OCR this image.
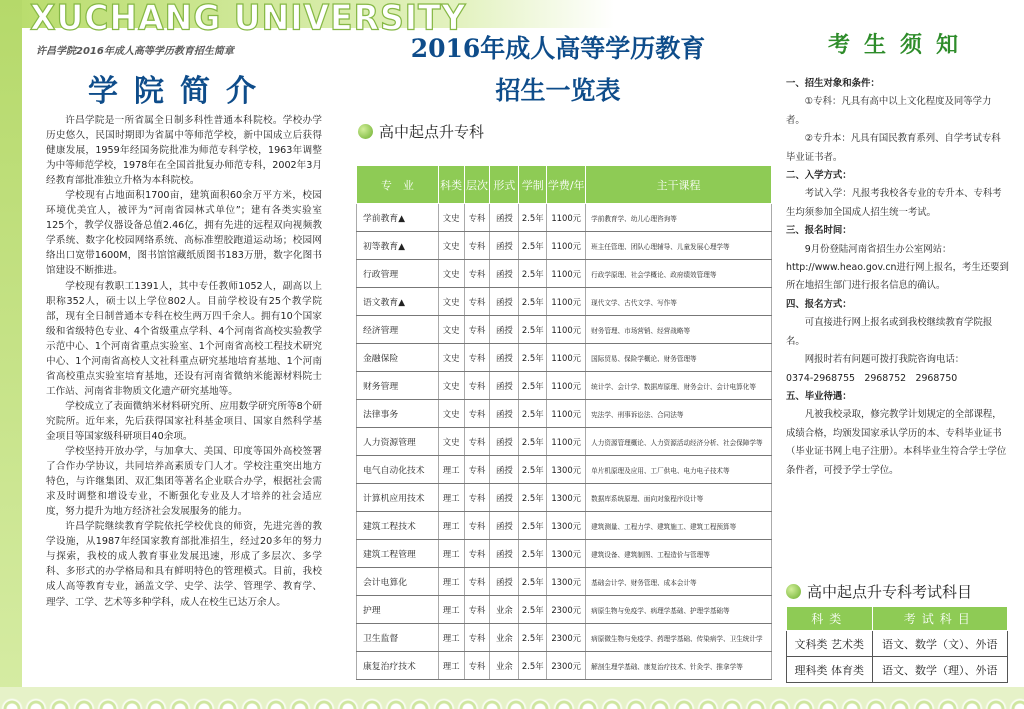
XUCHANG UNIVERSITY
许昌学院2016年成人高等学历教育招生简章
学院简介

许昌学院是一所省属全日制多科性普通本科院校。学校办学历史悠久，民国时期即为省属中等师范学校，新中国成立后获得健康发展，1959年经国务院批准为师范专科学校，1963年调整为中等师范学校，1978年在全国首批复办师范专科，2002年3月经教育部批准独立升格为本科院校。

学校现有占地面积1700亩，建筑面积60余万平方米，校园环境优美宜人，被评为“河南省园林式单位”；建有各类实验室125个，教学仪器设备总值2.46亿，拥有先进的远程双向视频教学系统、数字化校园网络系统、高标准塑胶跑道运动场；校园网络出口宽带1600M，图书馆馆藏纸质图书183万册，数字化图书馆建设不断推进。

学校现有教职工1391人，其中专任教师1052人，副高以上职称352人，硕士以上学位802人。目前学校设有25个教学院部，现有全日制普通本专科在校生两万四千余人。拥有10个国家级和省级特色专业、4个省级重点学科、4个河南省高校实验教学示范中心、1个河南省重点实验室、1个河南省高校工程技术研究中心、1个河南省高校人文社科重点研究基地培育基地、1个河南省高校重点实验室培育基地，还设有河南省微纳米能源材料院士工作站、河南省非物质文化遗产研究基地等。

学校成立了表面微纳米材料研究所、应用数学研究所等8个研究院所。近年来，先后获得国家社科基金项目、国家自然科学基金项目等国家级科研项目40余项。

学校坚持开放办学，与加拿大、美国、印度等国外高校签署了合作办学协议，共同培养高素质专门人才。学校注重突出地方特色，与许继集团、双汇集团等著名企业联合办学，根据社会需求及时调整和增设专业，不断强化专业及人才培养的社会适应度，努力提升为地方经济社会发展服务的能力。

许昌学院继续教育学院依托学校优良的师资，先进完善的教学设施，从1987年经国家教育部批准招生，经过20多年的努力与探索，我校的成人教育事业发展迅速，形成了多层次、多学科、多形式的办学格局和具有鲜明特色的管理模式。目前，我校成人高等教育专业，涵盖文学、史学、法学、管理学、教育学、理学、工学、艺术等多种学科，成人在校生已达万余人。

2016年成人高等学历教育
招生一览表
高中起点升专科
专　业	科类	层次	形式	学制	学费/年	主干课程
学前教育▲	文史	专科	函授	2.5年	1100元	学前教育学、幼儿心理咨询等
初等教育▲	文史	专科	函授	2.5年	1100元	班主任管理、团队心理辅导、儿童发展心理学等
行政管理	文史	专科	函授	2.5年	1100元	行政学原理、社会学概论、政府绩效管理等
语文教育▲	文史	专科	函授	2.5年	1100元	现代文学、古代文学、写作等
经济管理	文史	专科	函授	2.5年	1100元	财务管理、市场营销、经营战略等
金融保险	文史	专科	函授	2.5年	1100元	国际贸易、保险学概论、财务管理等
财务管理	文史	专科	函授	2.5年	1100元	统计学、会计学、数据库原理、财务会计、会计电算化等
法律事务	文史	专科	函授	2.5年	1100元	宪法学、刑事诉讼法、合同法等
人力资源管理	文史	专科	函授	2.5年	1100元	人力资源管理概论、人力资源活动经济分析、社会保障学等
电气自动化技术	理工	专科	函授	2.5年	1300元	单片机原理及应用、工厂供电、电力电子技术等
计算机应用技术	理工	专科	函授	2.5年	1300元	数据库系统原理、面向对象程序设计等
建筑工程技术	理工	专科	函授	2.5年	1300元	建筑测量、工程力学、建筑施工、建筑工程预算等
建筑工程管理	理工	专科	函授	2.5年	1300元	建筑设备、建筑制图、工程造价与管理等
会计电算化	理工	专科	函授	2.5年	1300元	基础会计学、财务管理、成本会计等
护理	理工	专科	业余	2.5年	2300元	病原生物与免疫学、病理学基础、护理学基础等
卫生监督	理工	专科	业余	2.5年	2300元	病原微生物与免疫学、药理学基础、传染病学、卫生统计学
康复治疗技术	理工	专科	业余	2.5年	2300元	解剖生理学基础、康复治疗技术、针灸学、推拿学等
考生须知
一、招生对象和条件：
①专科：凡具有高中以上文化程度及同等学力者。
②专升本：凡具有国民教育系列、自学考试专科毕业证书者。
二、入学方式：
考试入学：凡报考我校各专业的专升本、专科考生均须参加全国成人招生统一考试。
三、报名时间：
9月份登陆河南省招生办公室网站：
http://www.heao.gov.cn进行网上报名，考生还要到所在地招生部门进行报名信息的确认。
四、报名方式：
可直接进行网上报名或到我校继续教育学院报名。
网报时若有问题可拨打我院咨询电话：
0374-2968755　2968752　2968750
五、毕业待遇：
凡被我校录取，修完教学计划规定的全部课程，成绩合格，均颁发国家承认学历的本、专科毕业证书（毕业证书网上电子注册）。本科毕业生符合学士学位条件者，可授予学士学位。
高中起点升专科考试科目
科类	考试科目
文科类 艺术类	语文、数学（文）、外语
理科类 体育类	语文、数学（理）、外语
